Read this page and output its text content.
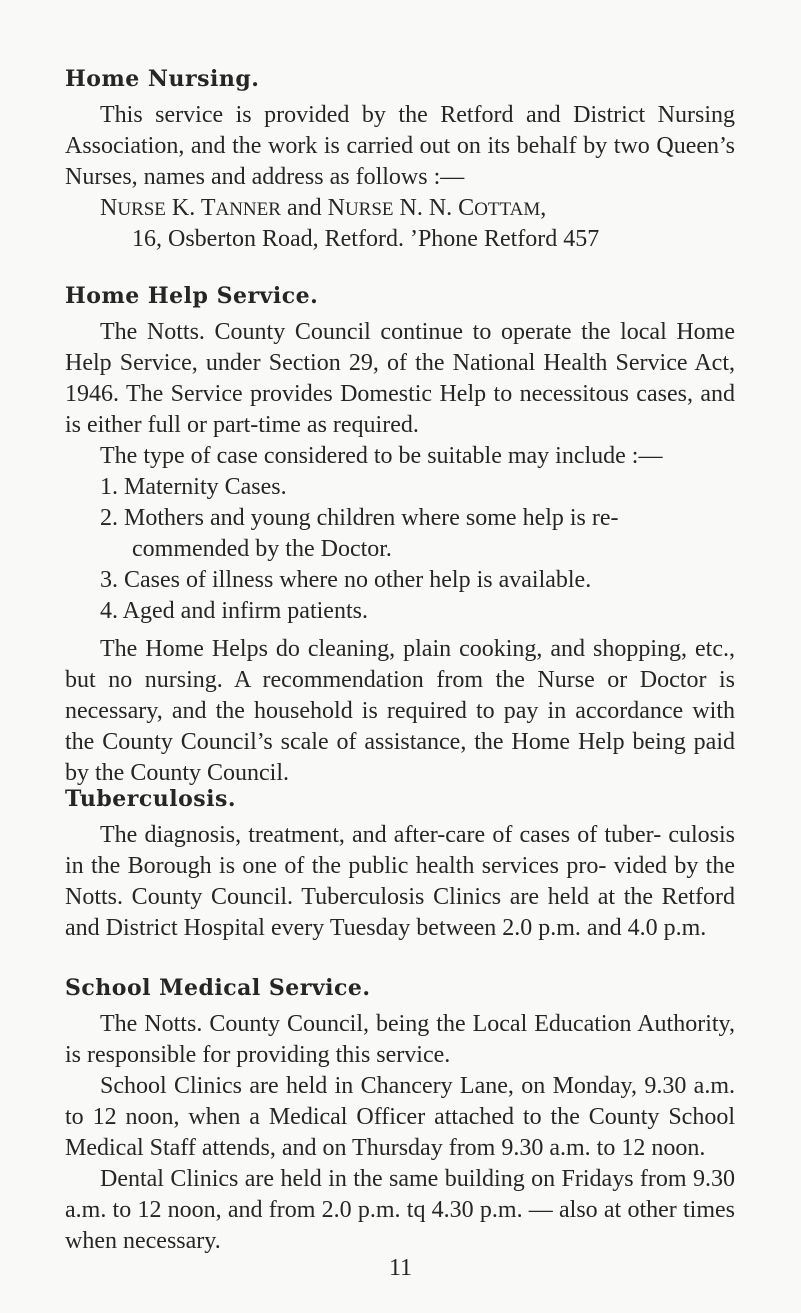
Home Nursing.

This service is provided by the Retford and District Nursing Association, and the work is carried out on its behalf by two Queen’s Nurses, names and address as follows :—

NURSE K. TANNER and NURSE N. N. COTTAM,

16, Osberton Road, Retford. ’Phone Retford 457

Home Help Service.

The Notts. County Council continue to operate the local Home Help Service, under Section 29, of the National Health Service Act, 1946. The Service provides Domestic Help to necessitous cases, and is either full or part-time as required.

The type of case considered to be suitable may include :—

1. Maternity Cases.

2. Mothers and young children where some help is re-

commended by the Doctor.

3. Cases of illness where no other help is available.

4. Aged and infirm patients.

The Home Helps do cleaning, plain cooking, and shopping, etc., but no nursing. A recommendation from the Nurse or Doctor is necessary, and the household is required to pay in accordance with the County Council’s scale of assistance, the Home Help being paid by the County Council.

Tuberculosis.

The diagnosis, treatment, and after-care of cases of tuber- culosis in the Borough is one of the public health services pro- vided by the Notts. County Council. Tuberculosis Clinics are held at the Retford and District Hospital every Tuesday between 2.0 p.m. and 4.0 p.m.

School Medical Service.

The Notts. County Council, being the Local Education Authority, is responsible for providing this service.

School Clinics are held in Chancery Lane, on Monday, 9.30 a.m. to 12 noon, when a Medical Officer attached to the County School Medical Staff attends, and on Thursday from 9.30 a.m. to 12 noon.

Dental Clinics are held in the same building on Fridays from 9.30 a.m. to 12 noon, and from 2.0 p.m. tq 4.30 p.m. — also at other times when necessary.

11
